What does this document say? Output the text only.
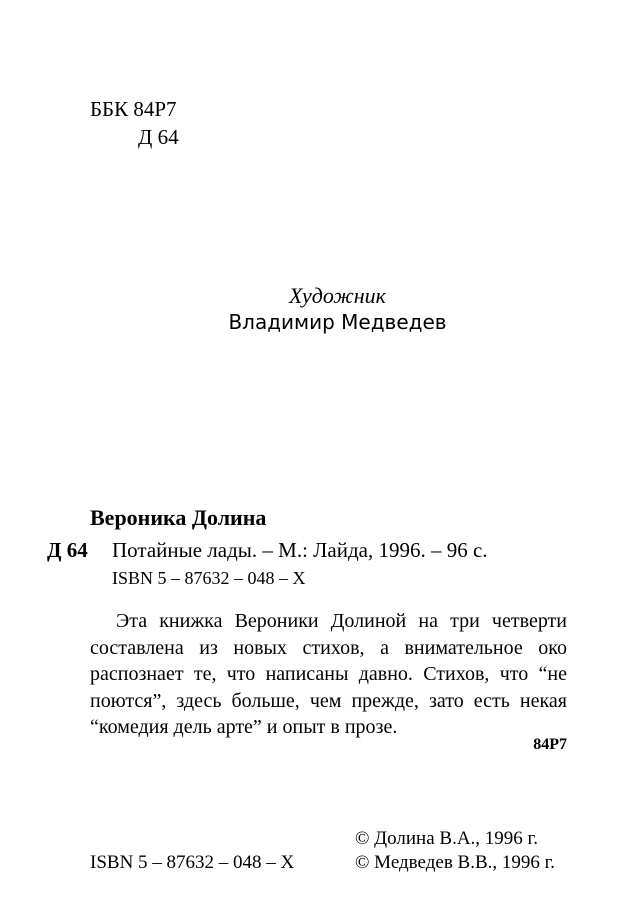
ББК 84Р7
Д 64
Художник
Владимир Медведев
Вероника Долина
Д 64 Потайные лады. – М.: Лайда, 1996. – 96 с.
ISBN 5 – 87632 – 048 – X
Эта книжка Вероники Долиной на три четверти составлена из новых стихов, а внимательное око распознает те, что написаны давно. Стихов, что “не поются”, здесь больше, чем прежде, зато есть некая “комедия дель арте” и опыт в прозе.
84Р7
ISBN 5 – 87632 – 048 – X
© Долина В.А., 1996 г.
© Медведев В.В., 1996 г.
